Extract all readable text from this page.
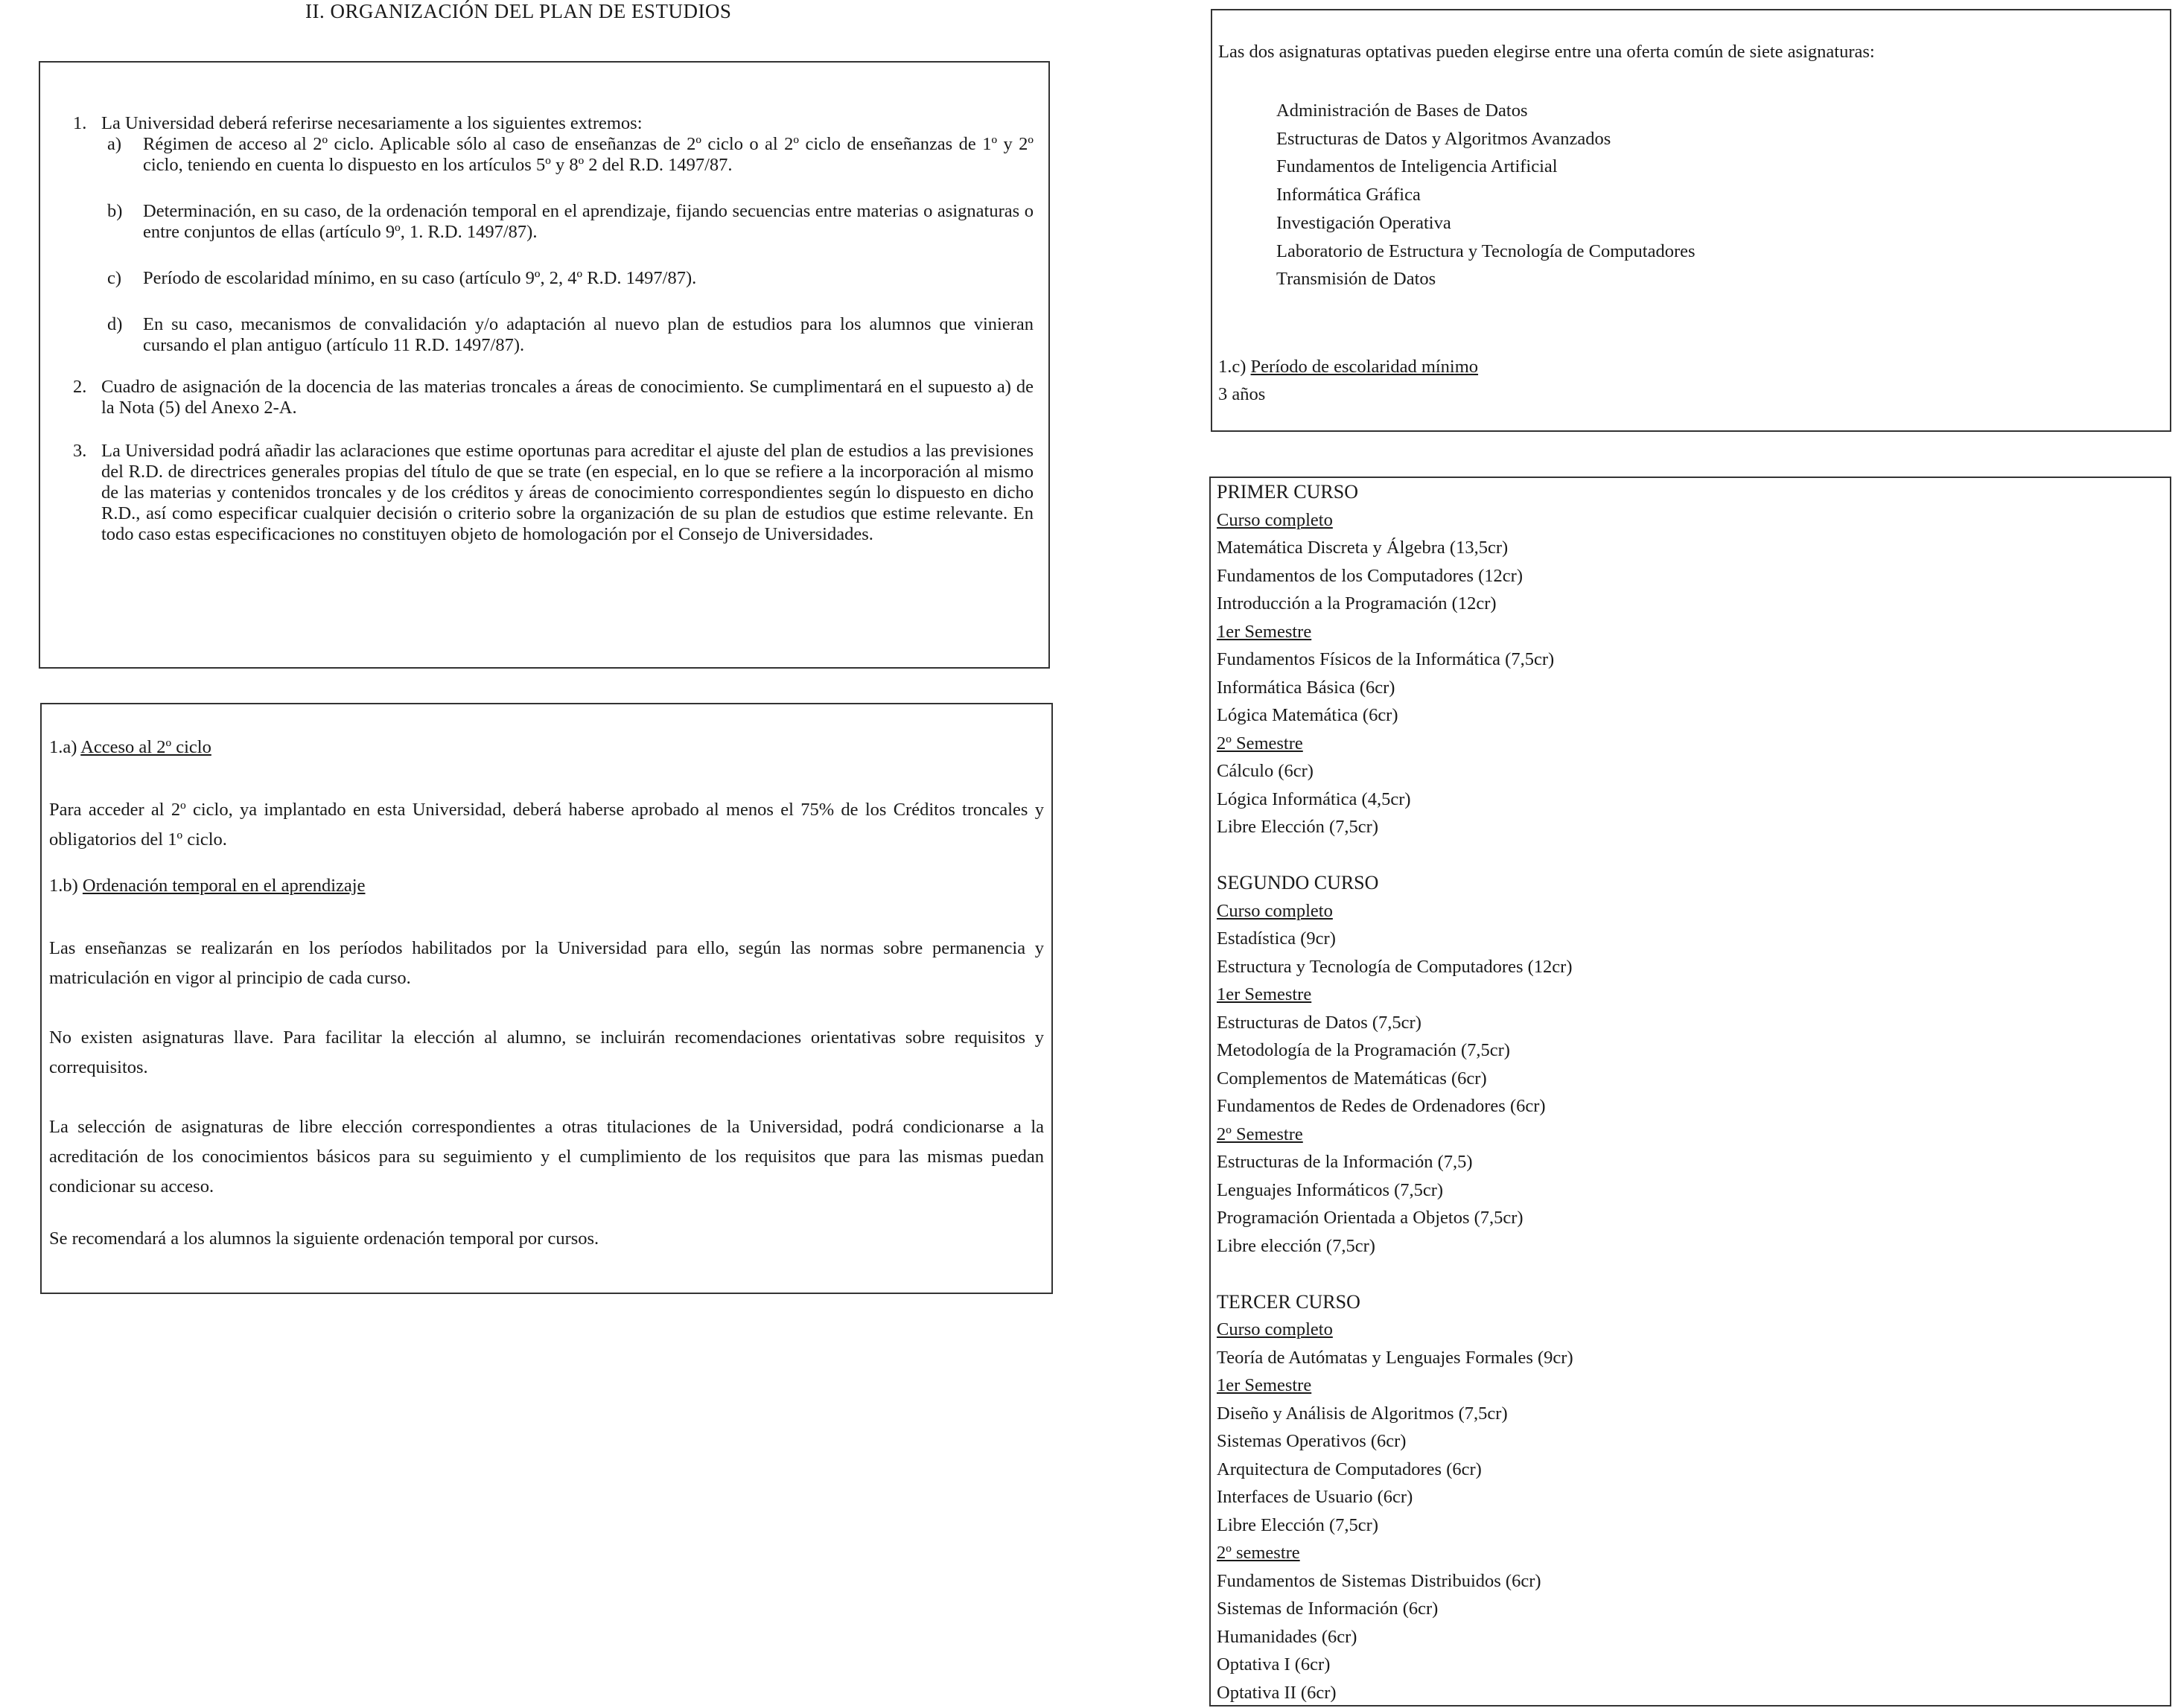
II. ORGANIZACIÓN DEL PLAN DE ESTUDIOS
1. La Universidad deberá referirse necesariamente a los siguientes extremos:
a)	Régimen de acceso al 2º ciclo. Aplicable sólo al caso de enseñanzas de 2º ciclo o al 2º ciclo de enseñanzas de 1º y 2º ciclo, teniendo en cuenta lo dispuesto en los artículos 5º y 8º 2 del R.D. 1497/87.
b)	Determinación, en su caso, de la ordenación temporal en el aprendizaje, fijando secuencias entre materias o asignaturas o entre conjuntos de ellas (artículo 9º, 1. R.D. 1497/87).
c)	Período de escolaridad mínimo, en su caso (artículo 9º, 2, 4º R.D. 1497/87).
d)	En su caso, mecanismos de convalidación y/o adaptación al nuevo plan de estudios para los alumnos que vinieran cursando el plan antiguo (artículo 11 R.D. 1497/87).
2. Cuadro de asignación de la docencia de las materias troncales a áreas de conocimiento. Se cumplimentará en el supuesto a) de la Nota (5) del Anexo 2-A.
3. La Universidad podrá añadir las aclaraciones que estime oportunas para acreditar el ajuste del plan de estudios a las previsiones del R.D. de directrices generales propias del título de que se trate (en especial, en lo que se refiere a la incorporación al mismo de las materias y contenidos troncales y de los créditos y áreas de conocimiento correspondientes según lo dispuesto en dicho R.D., así como especificar cualquier decisión o criterio sobre la organización de su plan de estudios que estime relevante. En todo caso estas especificaciones no constituyen objeto de homologación por el Consejo de Universidades.

1.a) Acceso al 2º ciclo

Para acceder al 2º ciclo, ya implantado en esta Universidad, deberá haberse aprobado al menos el 75% de los Créditos troncales y obligatorios del 1º ciclo.

1.b) Ordenación temporal en el aprendizaje

Las enseñanzas se realizarán en los períodos habilitados por la Universidad para ello, según las normas sobre permanencia y matriculación en vigor al principio de cada curso.

No existen asignaturas llave. Para facilitar la elección al alumno, se incluirán recomendaciones orientativas sobre requisitos y correquisitos.

La selección de asignaturas de libre elección correspondientes a otras titulaciones de la Universidad, podrá condicionarse a la acreditación de los conocimientos básicos para su seguimiento y el cumplimiento de los requisitos que para las mismas puedan condicionar su acceso.

Se recomendará a los alumnos la siguiente ordenación temporal por cursos.

Las dos asignaturas optativas pueden elegirse entre una oferta común de siete asignaturas:
Administración de Bases de Datos
Estructuras de Datos y Algoritmos Avanzados
Fundamentos de Inteligencia Artificial
Informática Gráfica
Investigación Operativa
Laboratorio de Estructura y Tecnología de Computadores
Transmisión de Datos
1.c) Período de escolaridad mínimo
3 años
PRIMER CURSO
Curso completo
Matemática Discreta y Álgebra (13,5cr)
Fundamentos de los Computadores (12cr)
Introducción a la Programación (12cr)
1er Semestre
Fundamentos Físicos de la Informática (7,5cr)
Informática Básica (6cr)
Lógica Matemática (6cr)
2º Semestre
Cálculo (6cr)
Lógica Informática (4,5cr)
Libre Elección (7,5cr)
SEGUNDO CURSO
Curso completo
Estadística (9cr)
Estructura y Tecnología de Computadores (12cr)
1er Semestre
Estructuras de Datos (7,5cr)
Metodología de la Programación (7,5cr)
Complementos de Matemáticas (6cr)
Fundamentos de Redes de Ordenadores (6cr)
2º Semestre
Estructuras de la Información (7,5)
Lenguajes Informáticos (7,5cr)
Programación Orientada a Objetos (7,5cr)
Libre elección (7,5cr)
TERCER CURSO
Curso completo
Teoría de Autómatas y Lenguajes Formales (9cr)
1er Semestre
Diseño y Análisis de Algoritmos (7,5cr)
Sistemas Operativos (6cr)
Arquitectura de Computadores (6cr)
Interfaces de Usuario (6cr)
Libre Elección (7,5cr)
2º semestre
Fundamentos de Sistemas Distribuidos (6cr)
Sistemas de Información (6cr)
Humanidades (6cr)
Optativa I (6cr)
Optativa II (6cr)
